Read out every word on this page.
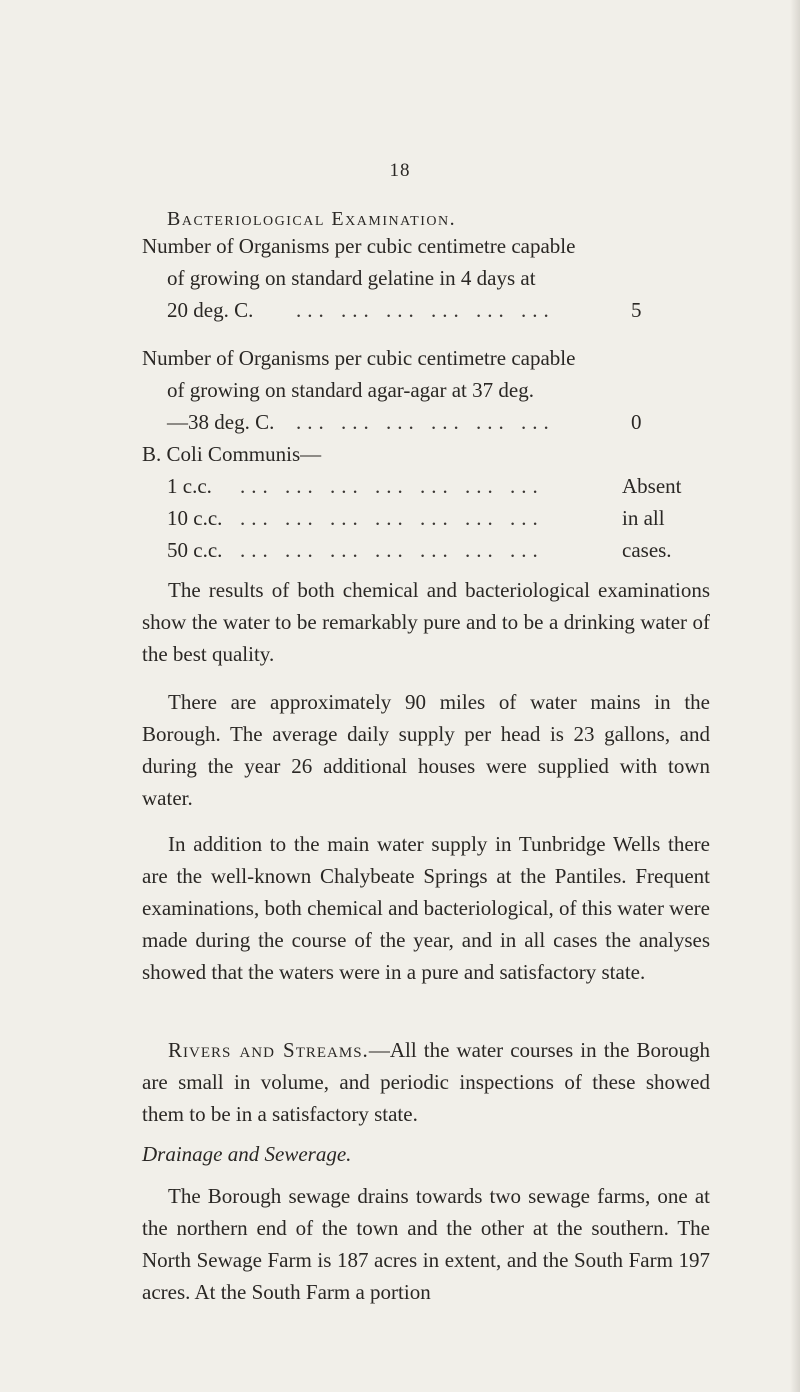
18
Bacteriological Examination.
Number of Organisms per cubic centimetre capable
of growing on standard gelatine in 4 days at
20 deg. C. ... ... ... ... ... ...	5
Number of Organisms per cubic centimetre capable
of growing on standard agar-agar at 37 deg.
—38 deg. C. ... ... ... ... ... ...	0
B. Coli Communis—
1 c.c. ... ... ... ... ... ... ...	Absent
10 c.c. ... ... ... ... ... ... ...	in all
50 c.c. ... ... ... ... ... ... ...	cases.
The results of both chemical and bacteriological examinations show the water to be remarkably pure and to be a drinking water of the best quality.
There are approximately 90 miles of water mains in the Borough. The average daily supply per head is 23 gallons, and during the year 26 additional houses were supplied with town water.
In addition to the main water supply in Tunbridge Wells there are the well-known Chalybeate Springs at the Pantiles. Frequent examinations, both chemical and bacteriological, of this water were made during the course of the year, and in all cases the analyses showed that the waters were in a pure and satisfactory state.
Rivers and Streams.—All the water courses in the Borough are small in volume, and periodic inspections of these showed them to be in a satisfactory state.
Drainage and Sewerage.
The Borough sewage drains towards two sewage farms, one at the northern end of the town and the other at the southern. The North Sewage Farm is 187 acres in extent, and the South Farm 197 acres. At the South Farm a portion
